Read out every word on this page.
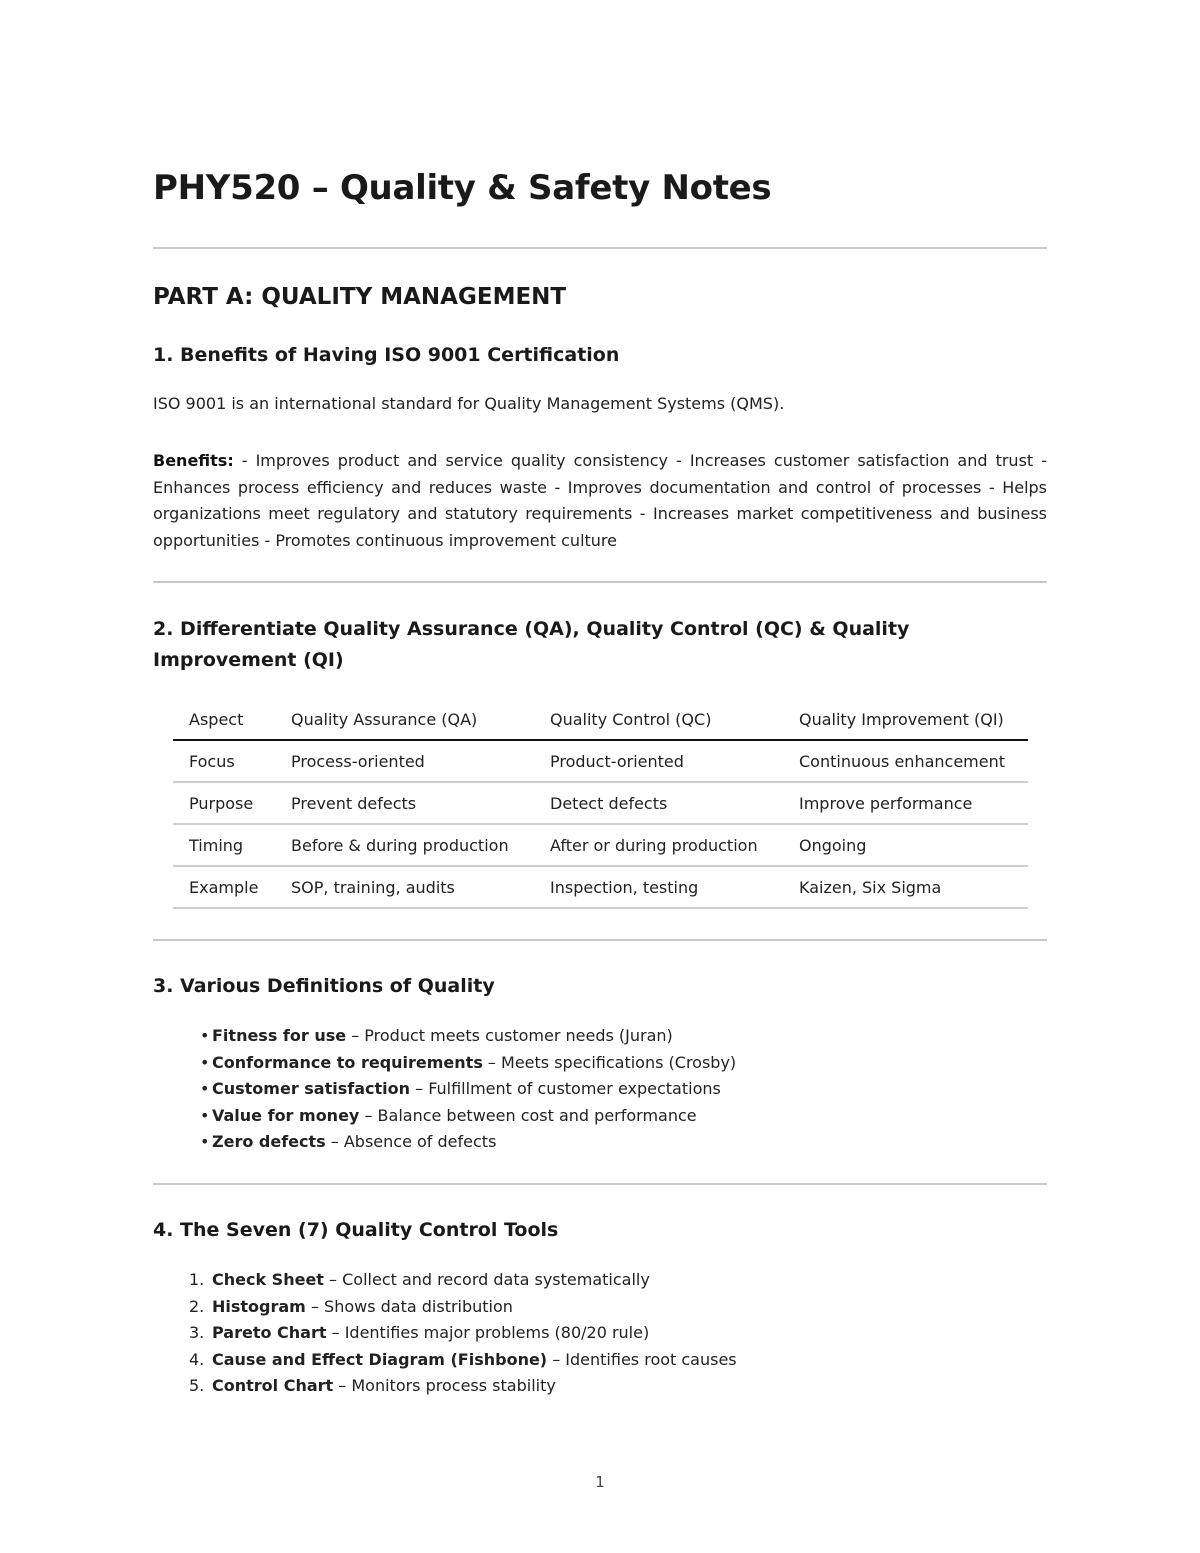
PHY520 – Quality & Safety Notes
PART A: QUALITY MANAGEMENT
1. Benefits of Having ISO 9001 Certification

ISO 9001 is an international standard for Quality Management Systems (QMS).

Benefits: - Improves product and service quality consistency - Increases customer satisfaction and trust - Enhances process efficiency and reduces waste - Improves documentation and control of processes - Helps organizations meet regulatory and statutory requirements - Increases market competitiveness and business opportunities - Promotes continuous improvement culture

2. Differentiate Quality Assurance (QA), Quality Control (QC) & Quality Improvement (QI)
Aspect	Quality Assurance (QA)	Quality Control (QC)	Quality Improvement (QI)
Focus	Process-oriented	Product-oriented	Continuous enhancement
Purpose	Prevent defects	Detect defects	Improve performance
Timing	Before & during production	After or during production	Ongoing
Example	SOP, training, audits	Inspection, testing	Kaizen, Six Sigma
3. Various Definitions of Quality
• Fitness for use – Product meets customer needs (Juran)
• Conformance to requirements – Meets specifications (Crosby)
• Customer satisfaction – Fulfillment of customer expectations
• Value for money – Balance between cost and performance
• Zero defects – Absence of defects
4. The Seven (7) Quality Control Tools
1. Check Sheet – Collect and record data systematically
2. Histogram – Shows data distribution
3. Pareto Chart – Identifies major problems (80/20 rule)
4. Cause and Effect Diagram (Fishbone) – Identifies root causes
5. Control Chart – Monitors process stability
1
